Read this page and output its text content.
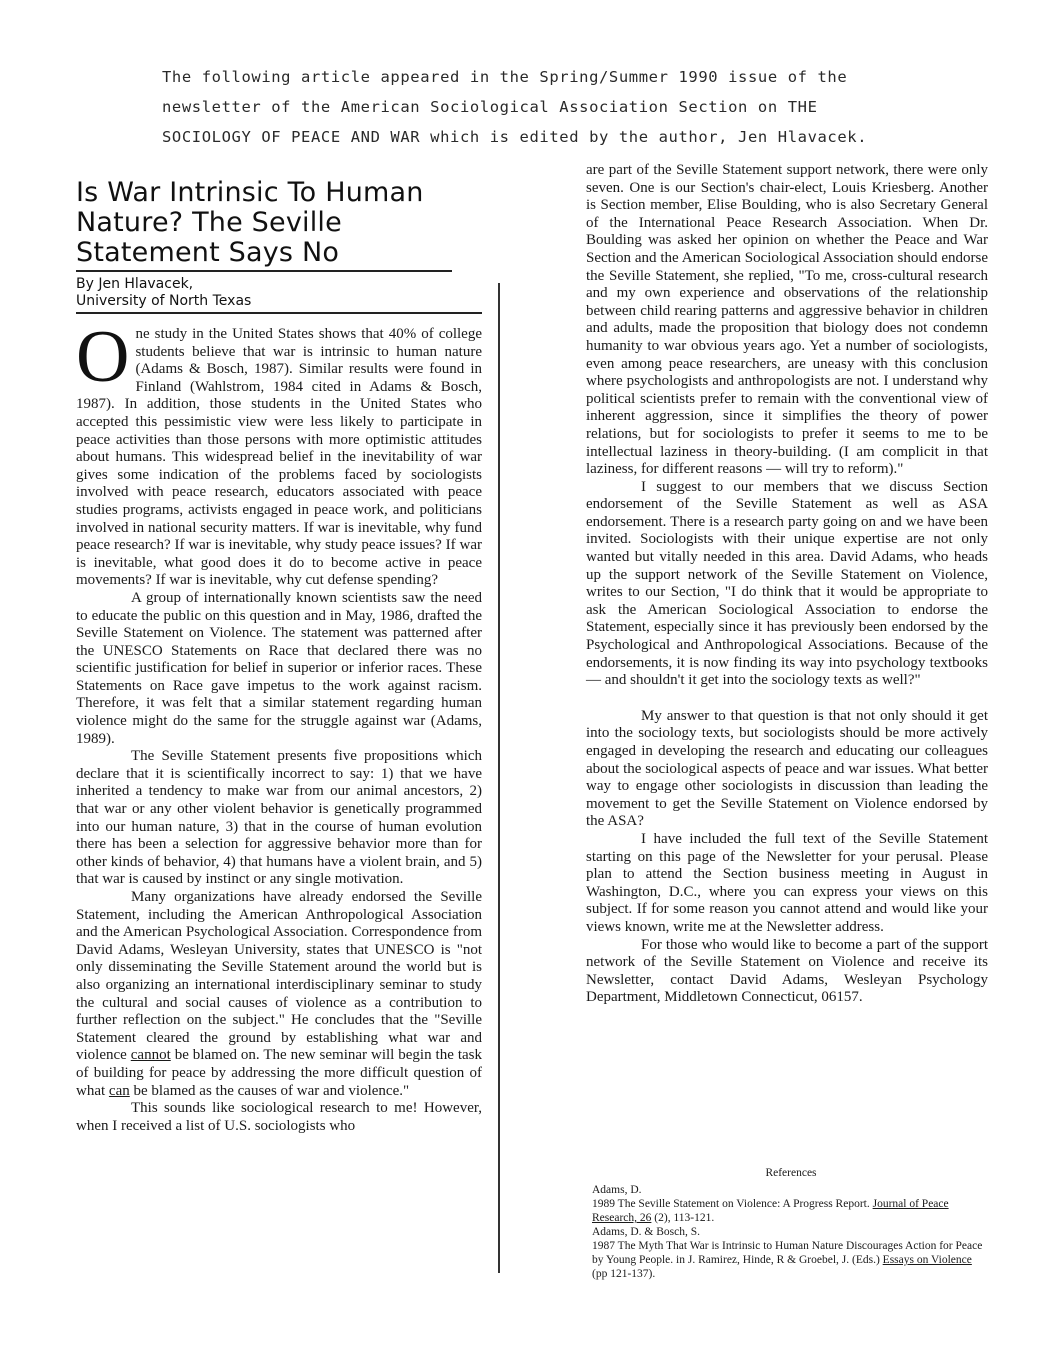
The following article appeared in the Spring/Summer 1990 issue of the
newsletter of the American Sociological Association Section on THE
SOCIOLOGY OF PEACE AND WAR which is edited by the author, Jen Hlavacek.
Is War Intrinsic To Human
Nature? The Seville
Statement Says No
By Jen Hlavacek,
University of North Texas

One study in the United States shows that 40% of college students believe that war is intrinsic to human nature (Adams & Bosch, 1987). Similar results were found in Finland (Wahlstrom, 1984 cited in Adams & Bosch, 1987). In addition, those students in the United States who accepted this pessimistic view were less likely to participate in peace activities than those persons with more optimistic attitudes about humans. This widespread belief in the inevitability of war gives some indication of the problems faced by sociologists involved with peace research, educators associated with peace studies programs, activists engaged in peace work, and politicians involved in national security matters. If war is inevitable, why fund peace research? If war is inevitable, why study peace issues? If war is inevitable, what good does it do to become active in peace movements? If war is inevitable, why cut defense spending?

A group of internationally known scientists saw the need to educate the public on this question and in May, 1986, drafted the Seville Statement on Violence. The statement was patterned after the UNESCO Statements on Race that declared there was no scientific justification for belief in superior or inferior races. These Statements on Race gave impetus to the work against racism. Therefore, it was felt that a similar statement regarding human violence might do the same for the struggle against war (Adams, 1989).

The Seville Statement presents five propositions which declare that it is scientifically incorrect to say: 1) that we have inherited a tendency to make war from our animal ancestors, 2) that war or any other violent behavior is genetically programmed into our human nature, 3) that in the course of human evolution there has been a selection for aggressive behavior more than for other kinds of behavior, 4) that humans have a violent brain, and 5) that war is caused by instinct or any single motivation.

Many organizations have already endorsed the Seville Statement, including the American Anthropological Association and the American Psychological Association. Correspondence from David Adams, Wesleyan University, states that UNESCO is "not only disseminating the Seville Statement around the world but is also organizing an international interdisciplinary seminar to study the cultural and social causes of violence as a contribution to further reflection on the subject." He concludes that the "Seville Statement cleared the ground by establishing what war and violence cannot be blamed on. The new seminar will begin the task of building for peace by addressing the more difficult question of what can be blamed as the causes of war and violence."

This sounds like sociological research to me! However, when I received a list of U.S. sociologists who

are part of the Seville Statement support network, there were only seven. One is our Section's chair-elect, Louis Kriesberg. Another is Section member, Elise Boulding, who is also Secretary General of the International Peace Research Association. When Dr. Boulding was asked her opinion on whether the Peace and War Section and the American Sociological Association should endorse the Seville Statement, she replied, "To me, cross-cultural research and my own experience and observations of the relationship between child rearing patterns and aggressive behavior in children and adults, made the proposition that biology does not condemn humanity to war obvious years ago. Yet a number of sociologists, even among peace researchers, are uneasy with this conclusion where psychologists and anthropologists are not. I understand why political scientists prefer to remain with the conventional view of inherent aggression, since it simplifies the theory of power relations, but for sociologists to prefer it seems to me to be intellectual laziness in theory-building. (I am complicit in that laziness, for different reasons — will try to reform)."

I suggest to our members that we discuss Section endorsement of the Seville Statement as well as ASA endorsement. There is a research party going on and we have been invited. Sociologists with their unique expertise are not only wanted but vitally needed in this area. David Adams, who heads up the support network of the Seville Statement on Violence, writes to our Section, "I do think that it would be appropriate to ask the American Sociological Association to endorse the Statement, especially since it has previously been endorsed by the Psychological and Anthropological Associations. Because of the endorsements, it is now finding its way into psychology textbooks — and shouldn't it get into the sociology texts as well?"

My answer to that question is that not only should it get into the sociology texts, but sociologists should be more actively engaged in developing the research and educating our colleagues about the sociological aspects of peace and war issues. What better way to engage other sociologists in discussion than leading the movement to get the Seville Statement on Violence endorsed by the ASA?

I have included the full text of the Seville Statement starting on this page of the Newsletter for your perusal. Please plan to attend the Section business meeting in August in Washington, D.C., where you can express your views on this subject. If for some reason you cannot attend and would like your views known, write me at the Newsletter address.

For those who would like to become a part of the support network of the Seville Statement on Violence and receive its Newsletter, contact David Adams, Wesleyan Psychology Department, Middletown Connecticut, 06157.

References
Adams, D.
1989 The Seville Statement on Violence: A Progress Report. Journal of Peace Research, 26 (2), 113-121.
Adams, D. & Bosch, S.
1987 The Myth That War is Intrinsic to Human Nature Discourages Action for Peace by Young People. in J. Ramirez, Hinde, R & Groebel, J. (Eds.) Essays on Violence (pp 121-137).
